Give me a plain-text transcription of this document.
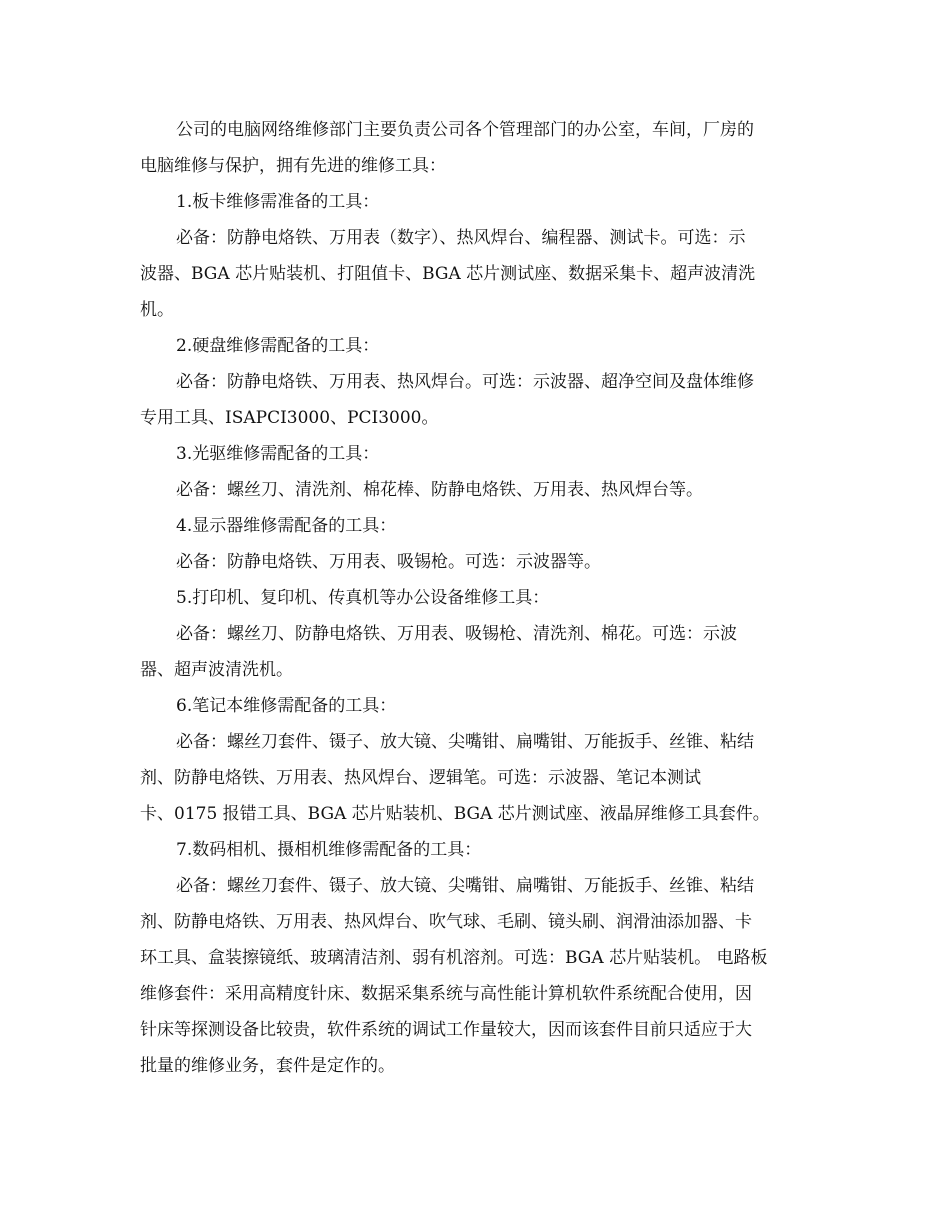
公司的电脑网络维修部门主要负责公司各个管理部门的办公室，车间，厂房的
电脑维修与保护，拥有先进的维修工具：
1.板卡维修需准备的工具：
必备：防静电烙铁、万用表（数字）、热风焊台、编程器、测试卡。可选：示
波器、BGA 芯片贴装机、打阻值卡、BGA 芯片测试座、数据采集卡、超声波清洗
机。
2.硬盘维修需配备的工具：
必备：防静电烙铁、万用表、热风焊台。可选：示波器、超净空间及盘体维修
专用工具、ISAPCI3000、PCI3000。
3.光驱维修需配备的工具：
必备：螺丝刀、清洗剂、棉花棒、防静电烙铁、万用表、热风焊台等。
4.显示器维修需配备的工具：
必备：防静电烙铁、万用表、吸锡枪。可选：示波器等。
5.打印机、复印机、传真机等办公设备维修工具：
必备：螺丝刀、防静电烙铁、万用表、吸锡枪、清洗剂、棉花。可选：示波
器、超声波清洗机。
6.笔记本维修需配备的工具：
必备：螺丝刀套件、镊子、放大镜、尖嘴钳、扁嘴钳、万能扳手、丝锥、粘结
剂、防静电烙铁、万用表、热风焊台、逻辑笔。可选：示波器、笔记本测试
卡、0175 报错工具、BGA 芯片贴装机、BGA 芯片测试座、液晶屏维修工具套件。
7.数码相机、摄相机维修需配备的工具：
必备：螺丝刀套件、镊子、放大镜、尖嘴钳、扁嘴钳、万能扳手、丝锥、粘结
剂、防静电烙铁、万用表、热风焊台、吹气球、毛刷、镜头刷、润滑油添加器、卡
环工具、盒装擦镜纸、玻璃清洁剂、弱有机溶剂。可选：BGA 芯片贴装机。 电路板
维修套件：采用高精度针床、数据采集系统与高性能计算机软件系统配合使用，因
针床等探测设备比较贵，软件系统的调试工作量较大，因而该套件目前只适应于大
批量的维修业务，套件是定作的。
